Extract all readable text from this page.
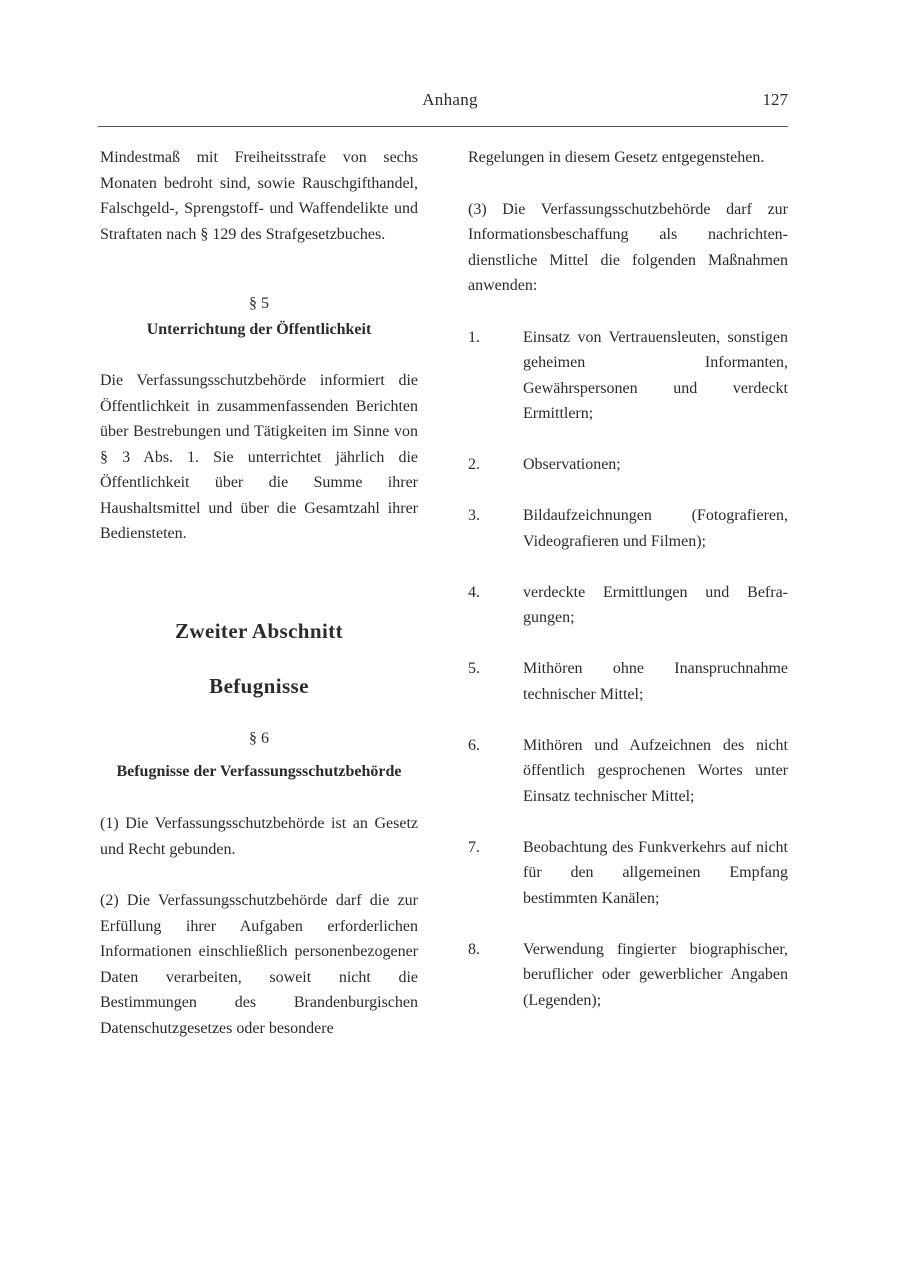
Anhang	127

Mindestmaß mit Freiheitsstrafe von sechs Monaten bedroht sind, sowie Rauschgifthandel, Falschgeld-, Sprengstoff- und Waffendelikte und Straftaten nach § 129 des Strafgesetzbuches.

§ 5

Unterrichtung der Öffentlichkeit

Die Verfassungsschutzbehörde informiert die Öffentlichkeit in zusammenfassenden Berichten über Bestrebungen und Tätigkeiten im Sinne von § 3 Abs. 1. Sie unterrichtet jährlich die Öffentlichkeit über die Summe ihrer Haushaltsmittel und über die Gesamtzahl ihrer Bediensteten.

Zweiter Abschnitt

Befugnisse

§ 6

Befugnisse der Verfassungsschutzbehörde

(1) Die Verfassungsschutzbehörde ist an Gesetz und Recht gebunden.

(2) Die Verfassungsschutzbehörde darf die zur Erfüllung ihrer Aufgaben erforderlichen Informationen einschließlich personenbezogener Daten verarbeiten, soweit nicht die Bestimmungen des Brandenburgischen Datenschutzgesetzes oder besondere

Regelungen in diesem Gesetz entgegenstehen.

(3) Die Verfassungsschutzbehörde darf zur Informationsbeschaffung als nachrichtendienstliche Mittel die folgenden Maßnahmen anwenden:

1.	Einsatz von Vertrauensleuten, sonstigen geheimen Informanten, Gewährspersonen und verdeckt Ermittlern;
2.	Observationen;
3.	Bildaufzeichnungen (Fotografieren, Videografieren und Filmen);
4.	verdeckte Ermittlungen und Befragungen;
5.	Mithören ohne Inanspruchnahme technischer Mittel;
6.	Mithören und Aufzeichnen des nicht öffentlich gesprochenen Wortes unter Einsatz technischer Mittel;
7.	Beobachtung des Funkverkehrs auf nicht für den allgemeinen Empfang bestimmten Kanälen;
8.	Verwendung fingierter biographischer, beruflicher oder gewerblicher Angaben (Legenden);
